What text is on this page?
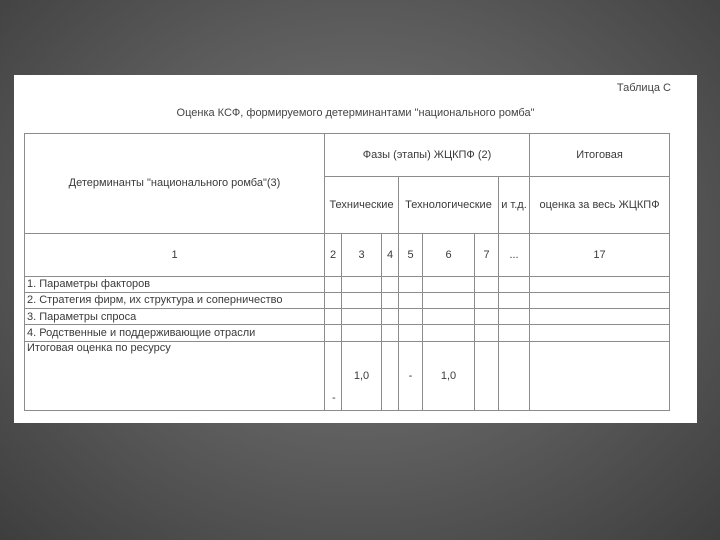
Таблица С
Оценка КСФ, формируемого детерминантами "национального ромба"
Детерминанты "национального ромба"(3)	Фазы (этапы) ЖЦКПФ (2)							Итоговая
	Технические			Технологические			и т.д.	оценка за весь ЖЦКПФ
1	2	3	4	5	6	7	...	17
1. Параметры факторов								
2. Стратегия фирм, их структура и соперничество								
3. Параметры спроса								
4. Родственные и поддерживающие отрасли								
Итоговая оценка по ресурсу	-	1,0		-	1,0			
